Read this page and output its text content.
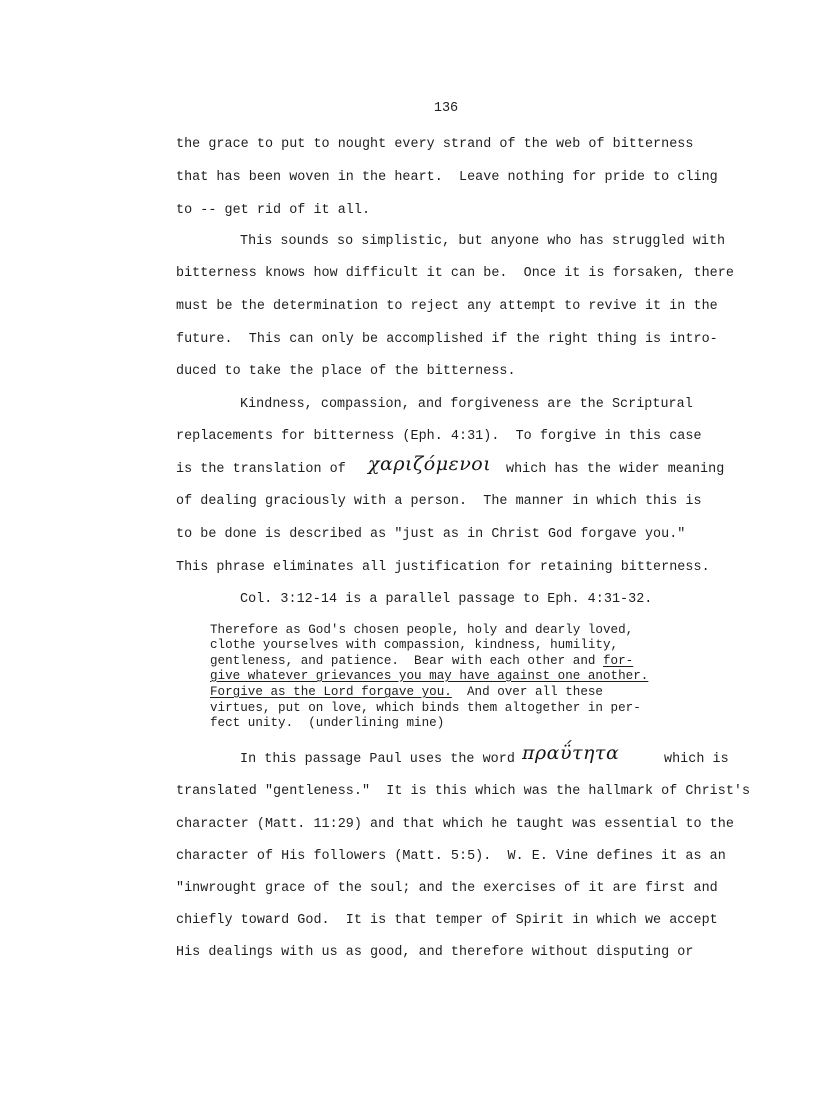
136
the grace to put to nought every strand of the web of bitterness
that has been woven in the heart.  Leave nothing for pride to cling
to -- get rid of it all.
This sounds so simplistic, but anyone who has struggled with
bitterness knows how difficult it can be.  Once it is forsaken, there
must be the determination to reject any attempt to revive it in the
future.  This can only be accomplished if the right thing is intro-
duced to take the place of the bitterness.
Kindness, compassion, and forgiveness are the Scriptural
replacements for bitterness (Eph. 4:31).  To forgive in this case
is the translation of χαριζόμενοι which has the wider meaning
of dealing graciously with a person.  The manner in which this is
to be done is described as "just as in Christ God forgave you."
This phrase eliminates all justification for retaining bitterness.
Col. 3:12-14 is a parallel passage to Eph. 4:31-32.
Therefore as God's chosen people, holy and dearly loved,
clothe yourselves with compassion, kindness, humility,
gentleness, and patience.  Bear with each other and for-
give whatever grievances you may have against one another.
Forgive as the Lord forgave you.  And over all these
virtues, put on love, which binds them altogether in per-
fect unity.  (underlining mine)
In this passage Paul uses the word πραΰτητα	which is
translated "gentleness."  It is this which was the hallmark of Christ's
character (Matt. 11:29) and that which he taught was essential to the
character of His followers (Matt. 5:5).  W. E. Vine defines it as an
"inwrought grace of the soul; and the exercises of it are first and
chiefly toward God.  It is that temper of Spirit in which we accept
His dealings with us as good, and therefore without disputing or
